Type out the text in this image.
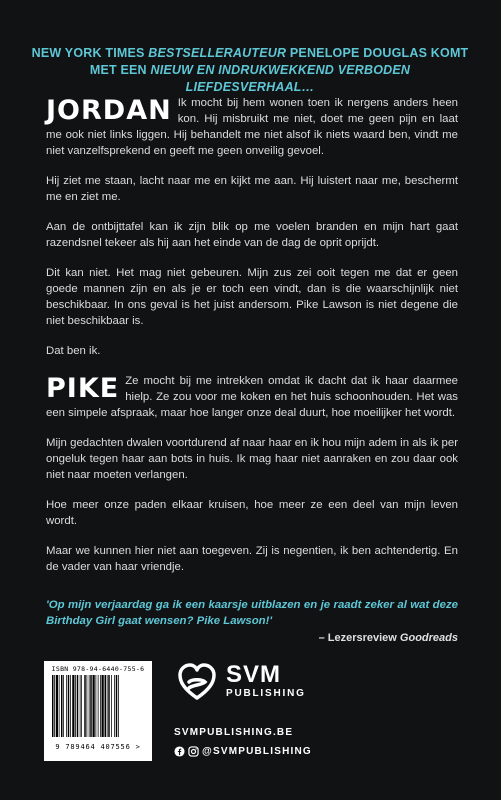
NEW YORK TIMES BESTSELLERAUTEUR PENELOPE DOUGLAS KOMT MET EEN NIEUW EN INDRUKWEKKEND VERBODEN LIEFDESVERHAAL…

JORDAN Ik mocht bij hem wonen toen ik nergens anders heen kon. Hij misbruikt me niet, doet me geen pijn en laat me ook niet links liggen. Hij behandelt me niet alsof ik niets waard ben, vindt me niet vanzelfsprekend en geeft me geen onveilig gevoel.

Hij ziet me staan, lacht naar me en kijkt me aan. Hij luistert naar me, beschermt me en ziet me.

Aan de ontbijttafel kan ik zijn blik op me voelen branden en mijn hart gaat razendsnel tekeer als hij aan het einde van de dag de oprit oprijdt.

Dit kan niet. Het mag niet gebeuren. Mijn zus zei ooit tegen me dat er geen goede mannen zijn en als je er toch een vindt, dan is die waarschijnlijk niet beschikbaar. In ons geval is het juist andersom. Pike Lawson is niet degene die niet beschikbaar is.

Dat ben ik.

PIKE Ze mocht bij me intrekken omdat ik dacht dat ik haar daarmee hielp. Ze zou voor me koken en het huis schoonhouden. Het was een simpele afspraak, maar hoe langer onze deal duurt, hoe moeilijker het wordt.

Mijn gedachten dwalen voortdurend af naar haar en ik hou mijn adem in als ik per ongeluk tegen haar aan bots in huis. Ik mag haar niet aanraken en zou daar ook niet naar moeten verlangen.

Hoe meer onze paden elkaar kruisen, hoe meer ze een deel van mijn leven wordt.

Maar we kunnen hier niet aan toegeven. Zij is negentien, ik ben achtendertig. En de vader van haar vriendje.

'Op mijn verjaardag ga ik een kaarsje uitblazen en je raadt zeker al wat deze Birthday Girl gaat wensen? Pike Lawson!'
– Lezersreview Goodreads
ISBN 978-94-6440-755-6
9 789464 407556 >
SVM
PUBLISHING
SVMPUBLISHING.BE
@SVMPUBLISHING
